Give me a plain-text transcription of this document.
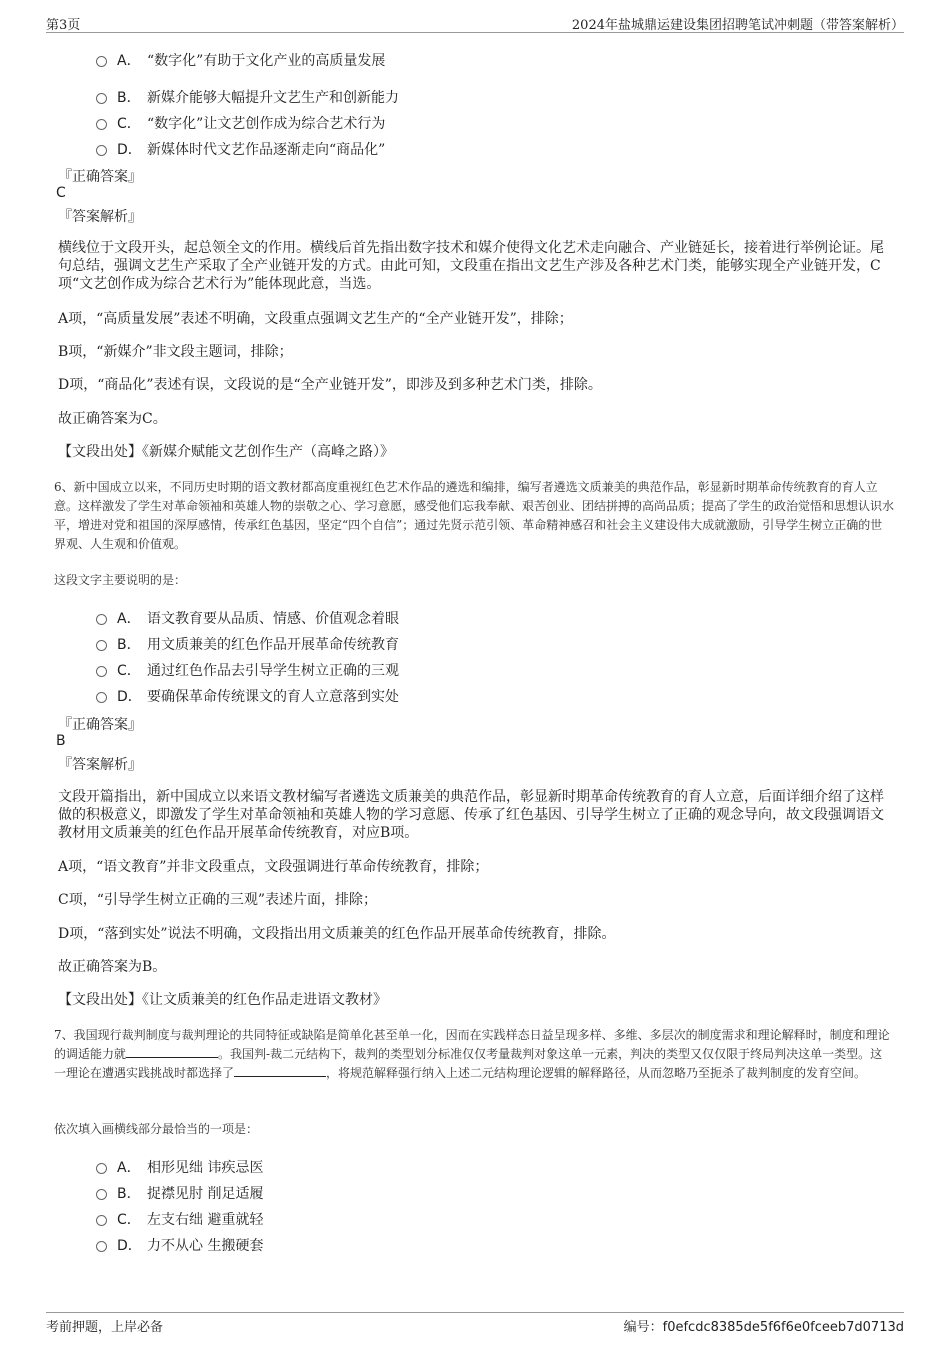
第3页	2024年盐城鼎运建设集团招聘笔试冲刺题（带答案解析）
A． “数字化”有助于文化产业的高质量发展
B． 新媒介能够大幅提升文艺生产和创新能力
C． “数字化”让文艺创作成为综合艺术行为
D． 新媒体时代文艺作品逐渐走向“商品化”
『正确答案』
C
『答案解析』
横线位于文段开头，起总领全文的作用。横线后首先指出数字技术和媒介使得文化艺术走向融合、产业链延长，接着进行举例论证。尾句总结，强调文艺生产采取了全产业链开发的方式。由此可知，文段重在指出文艺生产涉及各种艺术门类，能够实现全产业链开发，C项“文艺创作成为综合艺术行为”能体现此意，当选。
A项，“高质量发展”表述不明确，文段重点强调文艺生产的“全产业链开发”，排除；
B项，“新媒介”非文段主题词，排除；
D项，“商品化”表述有误，文段说的是“全产业链开发”，即涉及到多种艺术门类，排除。
故正确答案为C。
【文段出处】《新媒介赋能文艺创作生产（高峰之路）》
6、新中国成立以来，不同历史时期的语文教材都高度重视红色艺术作品的遴选和编排，编写者遴选文质兼美的典范作品，彰显新时期革命传统教育的育人立意。这样激发了学生对革命领袖和英雄人物的崇敬之心、学习意愿，感受他们忘我奉献、艰苦创业、团结拼搏的高尚品质；提高了学生的政治觉悟和思想认识水平，增进对党和祖国的深厚感情，传承红色基因，坚定“四个自信”；通过先贤示范引领、革命精神感召和社会主义建设伟大成就激励，引导学生树立正确的世界观、人生观和价值观。
这段文字主要说明的是：
A． 语文教育要从品质、情感、价值观念着眼
B． 用文质兼美的红色作品开展革命传统教育
C． 通过红色作品去引导学生树立正确的三观
D． 要确保革命传统课文的育人立意落到实处
『正确答案』
B
『答案解析』
文段开篇指出，新中国成立以来语文教材编写者遴选文质兼美的典范作品，彰显新时期革命传统教育的育人立意，后面详细介绍了这样做的积极意义，即激发了学生对革命领袖和英雄人物的学习意愿、传承了红色基因、引导学生树立了正确的观念导向，故文段强调语文教材用文质兼美的红色作品开展革命传统教育，对应B项。
A项，“语文教育”并非文段重点，文段强调进行革命传统教育，排除；
C项，“引导学生树立正确的三观”表述片面，排除；
D项，“落到实处”说法不明确，文段指出用文质兼美的红色作品开展革命传统教育，排除。
故正确答案为B。
【文段出处】《让文质兼美的红色作品走进语文教材》
7、我国现行裁判制度与裁判理论的共同特征或缺陷是简单化甚至单一化，因而在实践样态日益呈现多样、多维、多层次的制度需求和理论解释时，制度和理论的调适能力就	。我国判-裁二元结构下，裁判的类型划分标准仅仅考量裁判对象这单一元素，判决的类型又仅仅限于终局判决这单一类型。这一理论在遭遇实践挑战时都选择了	，将规范解释强行纳入上述二元结构理论逻辑的解释路径，从而忽略乃至扼杀了裁判制度的发育空间。
依次填入画横线部分最恰当的一项是：
A． 相形见绌 讳疾忌医
B． 捉襟见肘 削足适履
C． 左支右绌 避重就轻
D． 力不从心 生搬硬套
考前押题，上岸必备	编号：f0efcdc8385de5f6f6e0fceeb7d0713d
